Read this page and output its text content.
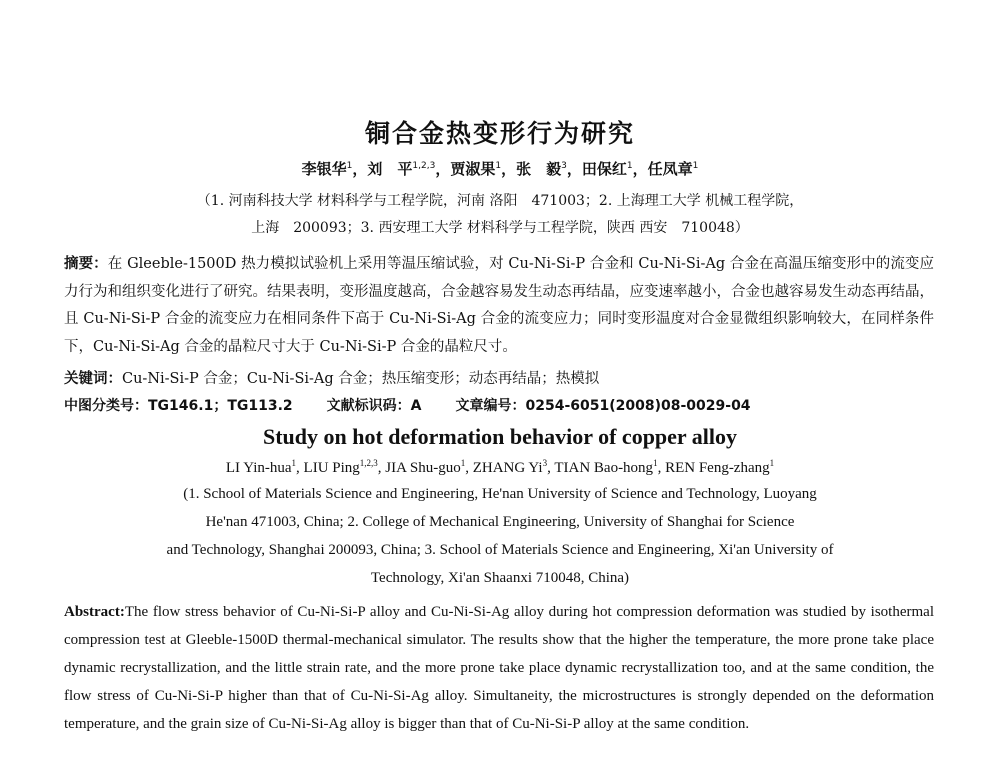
铜合金热变形行为研究
李银华$^1$，刘　平$^{1,2,3}$，贾淑果$^1$，张　毅$^3$，田保红$^1$，任凤章$^1$
（1. 河南科技大学 材料科学与工程学院，河南 洛阳　471003；2. 上海理工大学 机械工程学院，
上海　200093；3. 西安理工大学 材料科学与工程学院，陕西 西安　710048）
摘要：在 Gleeble-1500D 热力模拟试验机上采用等温压缩试验，对 Cu-Ni-Si-P 合金和 Cu-Ni-Si-Ag 合金在高温压缩变形中的流变应力行为和组织变化进行了研究。结果表明，变形温度越高，合金越容易发生动态再结晶，应变速率越小，合金也越容易发生动态再结晶，且 Cu-Ni-Si-P 合金的流变应力在相同条件下高于 Cu-Ni-Si-Ag 合金的流变应力；同时变形温度对合金显微组织影响较大，在同样条件下，Cu-Ni-Si-Ag 合金的晶粒尺寸大于 Cu-Ni-Si-P 合金的晶粒尺寸。
关键词：Cu-Ni-Si-P 合金；Cu-Ni-Si-Ag 合金；热压缩变形；动态再结晶；热模拟
中图分类号：TG146.1；TG113.2 文献标识码：A 文章编号：0254-6051(2008)08-0029-04
Study on hot deformation behavior of copper alloy
LI Yin-hua$^1$, LIU Ping$^{1,2,3}$, JIA Shu-guo$^1$, ZHANG Yi$^3$, TIAN Bao-hong$^1$, REN Feng-zhang$^1$
(1. School of Materials Science and Engineering, He'nan University of Science and Technology, Luoyang
He'nan 471003, China; 2. College of Mechanical Engineering, University of Shanghai for Science
and Technology, Shanghai 200093, China; 3. School of Materials Science and Engineering, Xi'an University of
Technology, Xi'an Shaanxi 710048, China)
Abstract:The flow stress behavior of Cu-Ni-Si-P alloy and Cu-Ni-Si-Ag alloy during hot compression deformation was studied by isothermal compression test at Gleeble-1500D thermal-mechanical simulator. The results show that the higher the temperature, the more prone take place dynamic recrystallization, and the little strain rate, and the more prone take place dynamic recrystallization too, and at the same condition, the flow stress of Cu-Ni-Si-P higher than that of Cu-Ni-Si-Ag alloy. Simultaneity, the microstructures is strongly depended on the deformation temperature, and the grain size of Cu-Ni-Si-Ag alloy is bigger than that of Cu-Ni-Si-P alloy at the same condition.
